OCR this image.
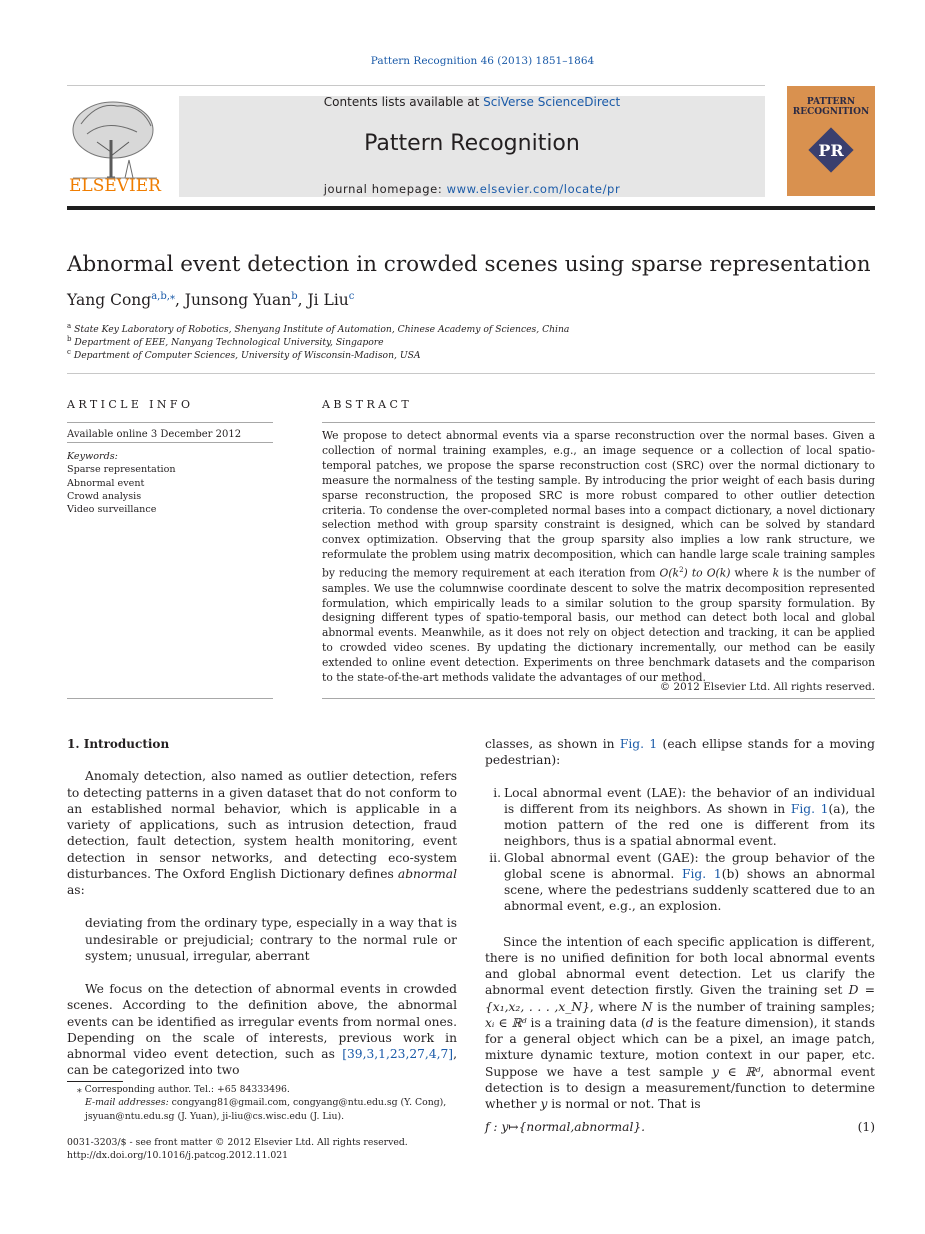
Pattern Recognition 46 (2013) 1851–1864
ELSEVIER
Contents lists available at SciVerse ScienceDirect
Pattern Recognition
journal homepage: www.elsevier.com/locate/pr
PATTERN RECOGNITION
PR
Abnormal event detection in crowded scenes using sparse representation
Yang Cong$^{a,b,⁎}$, Junsong Yuan$^b$, Ji Liu$^c$
$^a$ State Key Laboratory of Robotics, Shenyang Institute of Automation, Chinese Academy of Sciences, China
$^b$ Department of EEE, Nanyang Technological University, Singapore
$^c$ Department of Computer Sciences, University of Wisconsin-Madison, USA
ARTICLE INFO
Available online 3 December 2012
Keywords:
Sparse representation
Abnormal event
Crowd analysis
Video surveillance
ABSTRACT
We propose to detect abnormal events via a sparse reconstruction over the normal bases. Given a collection of normal training examples, e.g., an image sequence or a collection of local spatio-temporal patches, we propose the sparse reconstruction cost (SRC) over the normal dictionary to measure the normalness of the testing sample. By introducing the prior weight of each basis during sparse reconstruction, the proposed SRC is more robust compared to other outlier detection criteria. To condense the over-completed normal bases into a compact dictionary, a novel dictionary selection method with group sparsity constraint is designed, which can be solved by standard convex optimization. Observing that the group sparsity also implies a low rank structure, we reformulate the problem using matrix decomposition, which can handle large scale training samples by reducing the memory requirement at each iteration from $O(k^2)$ to O(k) where k is the number of samples. We use the columnwise coordinate descent to solve the matrix decomposition represented formulation, which empirically leads to a similar solution to the group sparsity formulation. By designing different types of spatio-temporal basis, our method can detect both local and global abnormal events. Meanwhile, as it does not rely on object detection and tracking, it can be applied to crowded video scenes. By updating the dictionary incrementally, our method can be easily extended to online event detection. Experiments on three benchmark datasets and the comparison to the state-of-the-art methods validate the advantages of our method.
© 2012 Elsevier Ltd. All rights reserved.

1. Introduction

Anomaly detection, also named as outlier detection, refers to detecting patterns in a given dataset that do not conform to an established normal behavior, which is applicable in a variety of applications, such as intrusion detection, fraud detection, fault detection, system health monitoring, event detection in sensor networks, and detecting eco-system disturbances. The Oxford English Dictionary defines abnormal as:

deviating from the ordinary type, especially in a way that is undesirable or prejudicial; contrary to the normal rule or system; unusual, irregular, aberrant

We focus on the detection of abnormal events in crowded scenes. According to the definition above, the abnormal events can be identified as irregular events from normal ones. Depending on the scale of interests, previous work in abnormal video event detection, such as [39,3,1,23,27,4,7], can be categorized into two

⁎ Corresponding author. Tel.: +65 84333496.
E-mail addresses: congyang81@gmail.com, congyang@ntu.edu.sg (Y. Cong), jsyuan@ntu.edu.sg (J. Yuan), ji-liu@cs.wisc.edu (J. Liu).
0031-3203/$ - see front matter © 2012 Elsevier Ltd. All rights reserved.
http://dx.doi.org/10.1016/j.patcog.2012.11.021

classes, as shown in Fig. 1 (each ellipse stands for a moving pedestrian):

i. Local abnormal event (LAE): the behavior of an individual is different from its neighbors. As shown in Fig. 1(a), the motion pattern of the red one is different from its neighbors, thus is a spatial abnormal event.
ii. Global abnormal event (GAE): the group behavior of the global scene is abnormal. Fig. 1(b) shows an abnormal scene, where the pedestrians suddenly scattered due to an abnormal event, e.g., an explosion.

Since the intention of each specific application is different, there is no unified definition for both local abnormal events and global abnormal event detection. Let us clarify the abnormal event detection firstly. Given the training set D = {x₁,x₂, . . . ,x_N}, where N is the number of training samples; xᵢ ∈ ℝᵈ is a training data (d is the feature dimension), it stands for a general object which can be a pixel, an image patch, mixture dynamic texture, motion context in our paper, etc. Suppose we have a test sample y ∈ ℝᵈ, abnormal event detection is to design a measurement/function to determine whether y is normal or not. That is

f : y↦{normal,abnormal}.	(1)
